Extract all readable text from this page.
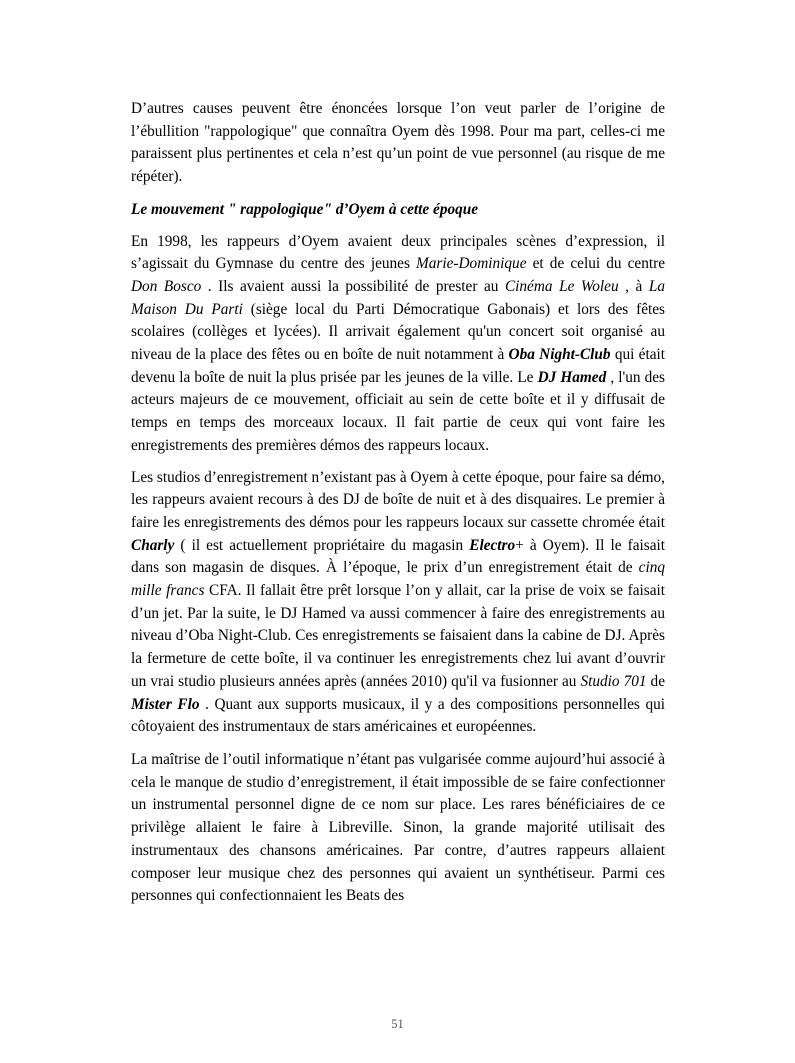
D’autres causes peuvent être énoncées lorsque l’on veut parler de l’origine de l’ébullition "rappologique" que connaîtra Oyem dès 1998. Pour ma part, celles-ci me paraissent plus pertinentes et cela n’est qu’un point de vue personnel (au risque de me répéter).

Le mouvement " rappologique" d’Oyem à cette époque

En 1998, les rappeurs d’Oyem avaient deux principales scènes d’expression, il s’agissait du Gymnase du centre des jeunes Marie-Dominique et de celui du centre Don Bosco . Ils avaient aussi la possibilité de prester au Cinéma Le Woleu , à La Maison Du Parti (siège local du Parti Démocratique Gabonais) et lors des fêtes scolaires (collèges et lycées). Il arrivait également qu'un concert soit organisé au niveau de la place des fêtes ou en boîte de nuit notamment à Oba Night-Club qui était devenu la boîte de nuit la plus prisée par les jeunes de la ville. Le DJ Hamed , l'un des acteurs majeurs de ce mouvement, officiait au sein de cette boîte et il y diffusait de temps en temps des morceaux locaux. Il fait partie de ceux qui vont faire les enregistrements des premières démos des rappeurs locaux.

Les studios d’enregistrement n’existant pas à Oyem à cette époque, pour faire sa démo, les rappeurs avaient recours à des DJ de boîte de nuit et à des disquaires. Le premier à faire les enregistrements des démos pour les rappeurs locaux sur cassette chromée était Charly ( il est actuellement propriétaire du magasin Electro+ à Oyem). Il le faisait dans son magasin de disques. À l’époque, le prix d’un enregistrement était de cinq mille francs CFA. Il fallait être prêt lorsque l’on y allait, car la prise de voix se faisait d’un jet. Par la suite, le DJ Hamed va aussi commencer à faire des enregistrements au niveau d’Oba Night-Club. Ces enregistrements se faisaient dans la cabine de DJ. Après la fermeture de cette boîte, il va continuer les enregistrements chez lui avant d’ouvrir un vrai studio plusieurs années après (années 2010) qu'il va fusionner au Studio 701 de Mister Flo . Quant aux supports musicaux, il y a des compositions personnelles qui côtoyaient des instrumentaux de stars américaines et européennes.

La maîtrise de l’outil informatique n’étant pas vulgarisée comme aujourd’hui associé à cela le manque de studio d’enregistrement, il était impossible de se faire confectionner un instrumental personnel digne de ce nom sur place. Les rares bénéficiaires de ce privilège allaient le faire à Libreville. Sinon, la grande majorité utilisait des instrumentaux des chansons américaines. Par contre, d’autres rappeurs allaient composer leur musique chez des personnes qui avaient un synthétiseur. Parmi ces personnes qui confectionnaient les Beats des

51
